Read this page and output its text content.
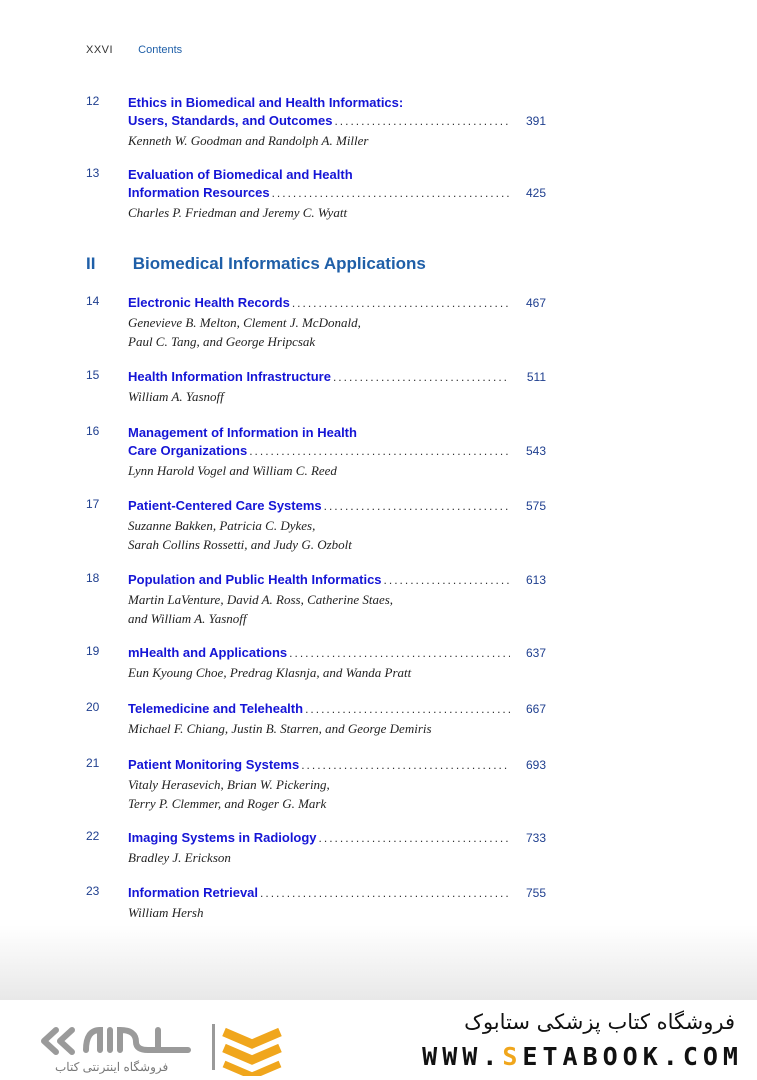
XXVI Contents
II Biomedical Informatics Applications
12	Ethics in Biomedical and Health Informatics:
Users, Standards, and Outcomes .....	391
Kenneth W. Goodman and Randolph A. Miller
13	Evaluation of Biomedical and Health
Information Resources .....	425
Charles P. Friedman and Jeremy C. Wyatt
14	Electronic Health Records .....	467
Genevieve B. Melton, Clement J. McDonald,
Paul C. Tang, and George Hripcsak
15	Health Information Infrastructure .....	511
William A. Yasnoff
16	Management of Information in Health
Care Organizations .....	543
Lynn Harold Vogel and William C. Reed
17	Patient-Centered Care Systems .....	575
Suzanne Bakken, Patricia C. Dykes,
Sarah Collins Rossetti, and Judy G. Ozbolt
18	Population and Public Health Informatics .....	613
Martin LaVenture, David A. Ross, Catherine Staes,
and William A. Yasnoff
19	mHealth and Applications .....	637
Eun Kyoung Choe, Predrag Klasnja, and Wanda Pratt
20	Telemedicine and Telehealth .....	667
Michael F. Chiang, Justin B. Starren, and George Demiris
21	Patient Monitoring Systems .....	693
Vitaly Herasevich, Brian W. Pickering,
Terry P. Clemmer, and Roger G. Mark
22	Imaging Systems in Radiology .....	733
Bradley J. Erickson
23	Information Retrieval .....	755
William Hersh
فروشگاه اینترنتی کتاب
فروشگاه کتاب پزشکی ستابوک
WWW.SETABOOK.COM
